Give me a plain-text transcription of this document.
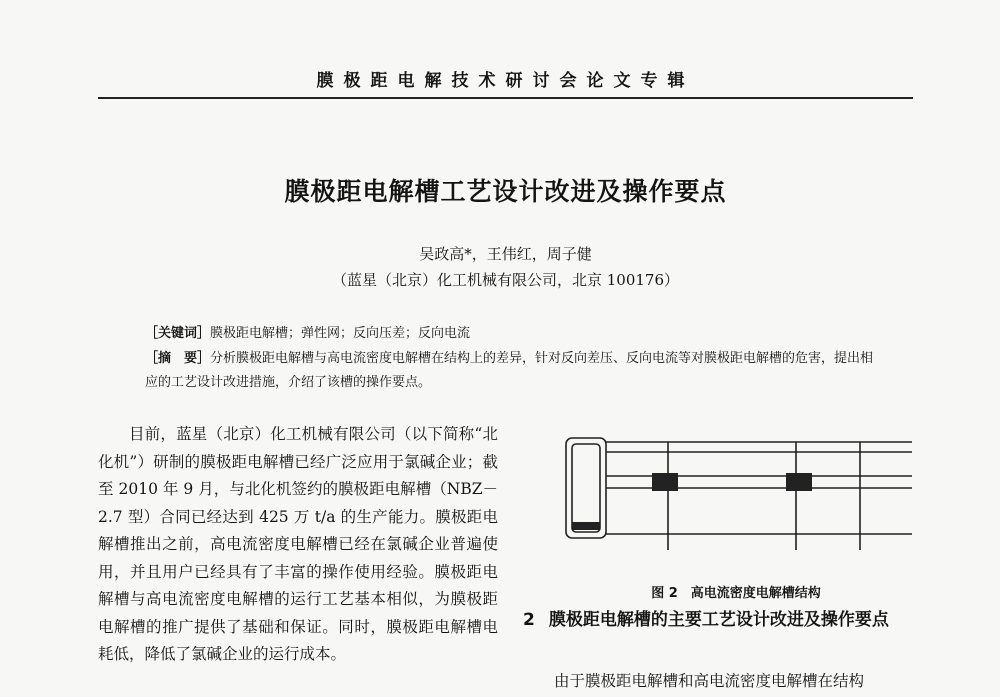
膜极距电解技术研讨会论文专辑
膜极距电解槽工艺设计改进及操作要点
吴政高*，王伟红，周子健
（蓝星（北京）化工机械有限公司，北京 100176）
［关键词］膜极距电解槽；弹性网；反向压差；反向电流
［摘　要］分析膜极距电解槽与高电流密度电解槽在结构上的差异，针对反向差压、反向电流等对膜极距电解槽的危害，提出相应的工艺设计改进措施，介绍了该槽的操作要点。
目前，蓝星（北京）化工机械有限公司（以下简称“北化机”）研制的膜极距电解槽已经广泛应用于氯碱企业；截至 2010 年 9 月，与北化机签约的膜极距电解槽（NBZ－2.7 型）合同已经达到 425 万 t/a 的生产能力。膜极距电解槽推出之前，高电流密度电解槽已经在氯碱企业普遍使用，并且用户已经具有了丰富的操作使用经验。膜极距电解槽与高电流密度电解槽的运行工艺基本相似，为膜极距电解槽的推广提供了基础和保证。同时，膜极距电解槽电耗低，降低了氯碱企业的运行成本。
图 2　高电流密度电解槽结构
2 膜极距电解槽的主要工艺设计改进及操作要点
由于膜极距电解槽和高电流密度电解槽在结构
